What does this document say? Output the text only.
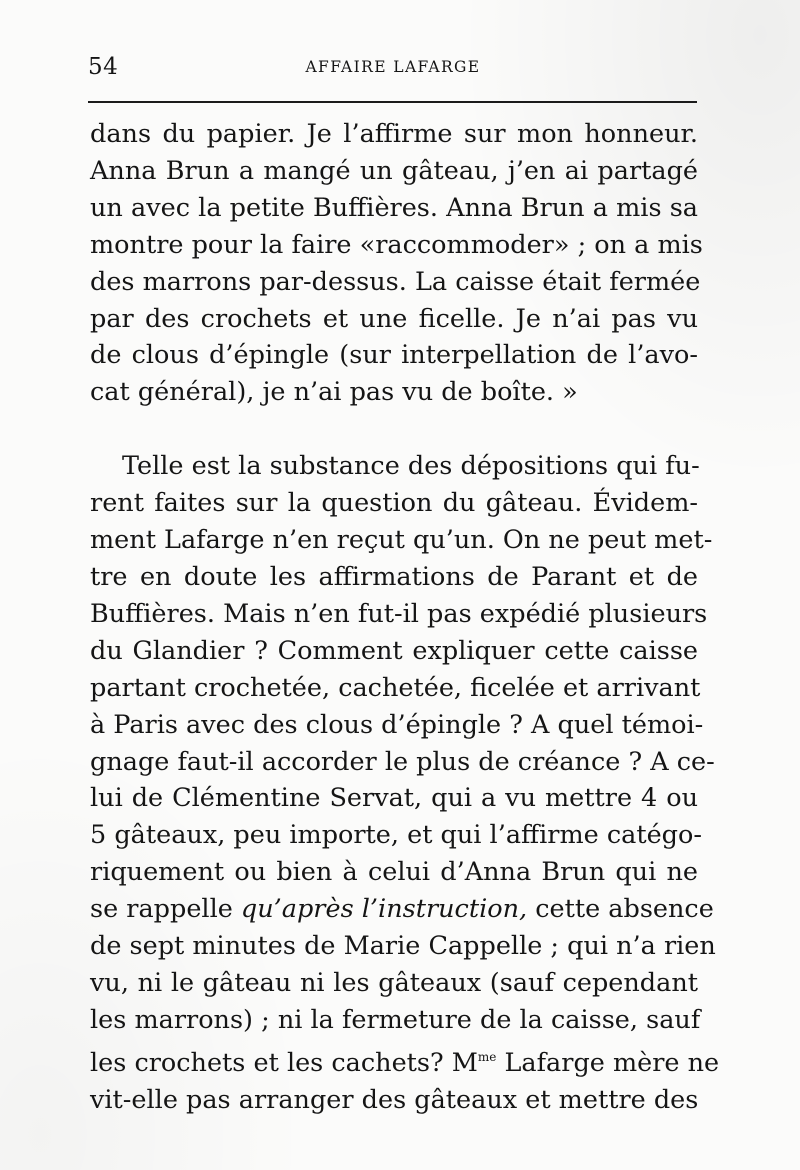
54	AFFAIRE LAFARGE

dans du papier. Je l’affirme sur mon honneur.
Anna Brun a mangé un gâteau, j’en ai partagé
un avec la petite Buffières. Anna Brun a mis sa
montre pour la faire «raccommoder» ; on a mis
des marrons par-dessus. La caisse était fermée
par des crochets et une ficelle. Je n’ai pas vu
de clous d’épingle (sur interpellation de l’avo-
cat général), je n’ai pas vu de boîte. »

Telle est la substance des dépositions qui fu-
rent faites sur la question du gâteau. Évidem-
ment Lafarge n’en reçut qu’un. On ne peut met-
tre en doute les affirmations de Parant et de
Buffières. Mais n’en fut-il pas expédié plusieurs
du Glandier ? Comment expliquer cette caisse
partant crochetée, cachetée, ficelée et arrivant
à Paris avec des clous d’épingle ? A quel témoi-
gnage faut-il accorder le plus de créance ? A ce-
lui de Clémentine Servat, qui a vu mettre 4 ou
5 gâteaux, peu importe, et qui l’affirme catégo-
riquement ou bien à celui d’Anna Brun qui ne
se rappelle qu’après l’instruction, cette absence
de sept minutes de Marie Cappelle ; qui n’a rien
vu, ni le gâteau ni les gâteaux (sauf cependant
les marrons) ; ni la fermeture de la caisse, sauf
les crochets et les cachets? $M^{me}$ Lafarge mère ne
vit-elle pas arranger des gâteaux et mettre des
